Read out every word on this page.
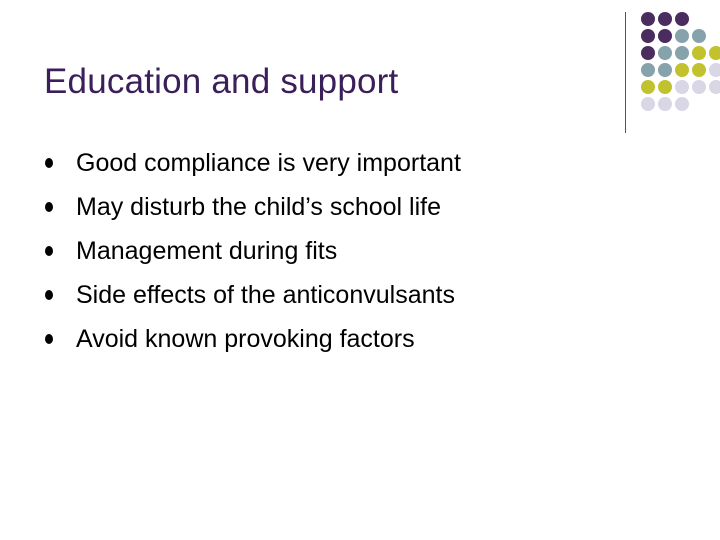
Education and support
Good compliance is very important
May disturb the child’s school life
Management during fits
Side effects of the anticonvulsants
Avoid known provoking factors
